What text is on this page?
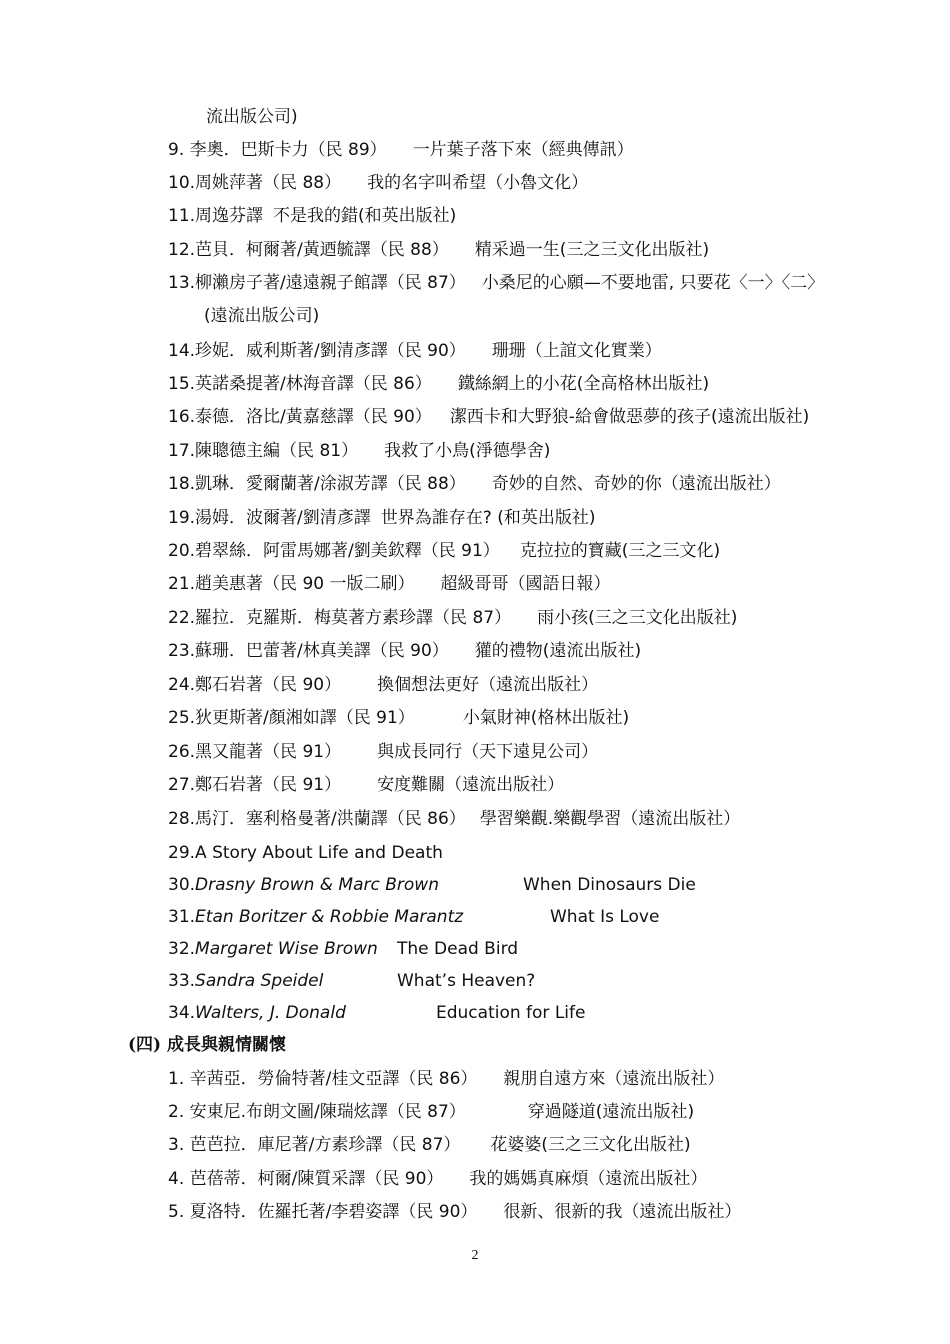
流出版公司)
9. 李奧．巴斯卡力（民 89） 一片葉子落下來（經典傳訊）
10.周姚萍著（民 88） 我的名字叫希望（小魯文化）
11.周逸芬譯 不是我的錯(和英出版社)
12.芭貝．柯爾著/黃迺毓譯（民 88） 精采過一生(三之三文化出版社)
13.柳瀨房子著/遠遠親子館譯（民 87） 小桑尼的心願—不要地雷, 只要花〈一〉〈二〉
(遠流出版公司)
14.珍妮．威利斯著/劉清彥譯（民 90） 珊珊（上誼文化實業）
15.英諾桑提著/林海音譯（民 86） 鐵絲網上的小花(全高格林出版社)
16.泰德．洛比/黃嘉慈譯（民 90） 潔西卡和大野狼-給會做惡夢的孩子(遠流出版社)
17.陳聰德主編（民 81） 我救了小鳥(淨德學舍)
18.凱琳．愛爾蘭著/涂淑芳譯（民 88） 奇妙的自然、奇妙的你（遠流出版社）
19.湯姆．波爾著/劉清彥譯 世界為誰存在? (和英出版社)
20.碧翠絲．阿雷馬娜著/劉美欽釋（民 91） 克拉拉的寶藏(三之三文化)
21.趙美惠著（民 90 一版二刷） 超級哥哥（國語日報）
22.羅拉．克羅斯．梅莫著方素珍譯（民 87） 雨小孩(三之三文化出版社)
23.蘇珊．巴蕾著/林真美譯（民 90） 獾的禮物(遠流出版社)
24.鄭石岩著（民 90） 換個想法更好（遠流出版社）
25.狄更斯著/顏湘如譯（民 91）	小氣財神(格林出版社)
26.黑又龍著（民 91） 與成長同行（天下遠見公司）
27.鄭石岩著（民 91） 安度難關（遠流出版社）
28.馬汀．塞利格曼著/洪蘭譯（民 86） 學習樂觀.樂觀學習（遠流出版社）
29.A Story About Life and Death
30.Drasny Brown & Marc Brown	When Dinosaurs Die
31.Etan Boritzer & Robbie Marantz	What Is Love
32.Margaret Wise Brown The Dead Bird
33.Sandra Speidel	What’s Heaven?
34.Walters, J. Donald	Education for Life
(四) 成長與親情關懷
1. 辛茜亞．勞倫特著/桂文亞譯（民 86） 親朋自遠方來（遠流出版社）
2. 安東尼.布朗文圖/陳瑞炫譯（民 87）	穿過隧道(遠流出版社)
3. 芭芭拉．庫尼著/方素珍譯（民 87） 花婆婆(三之三文化出版社)
4. 芭蓓蒂．柯爾/陳質采譯（民 90） 我的媽媽真麻煩（遠流出版社）
5. 夏洛特．佐羅托著/李碧姿譯（民 90） 很新、很新的我（遠流出版社）
2
